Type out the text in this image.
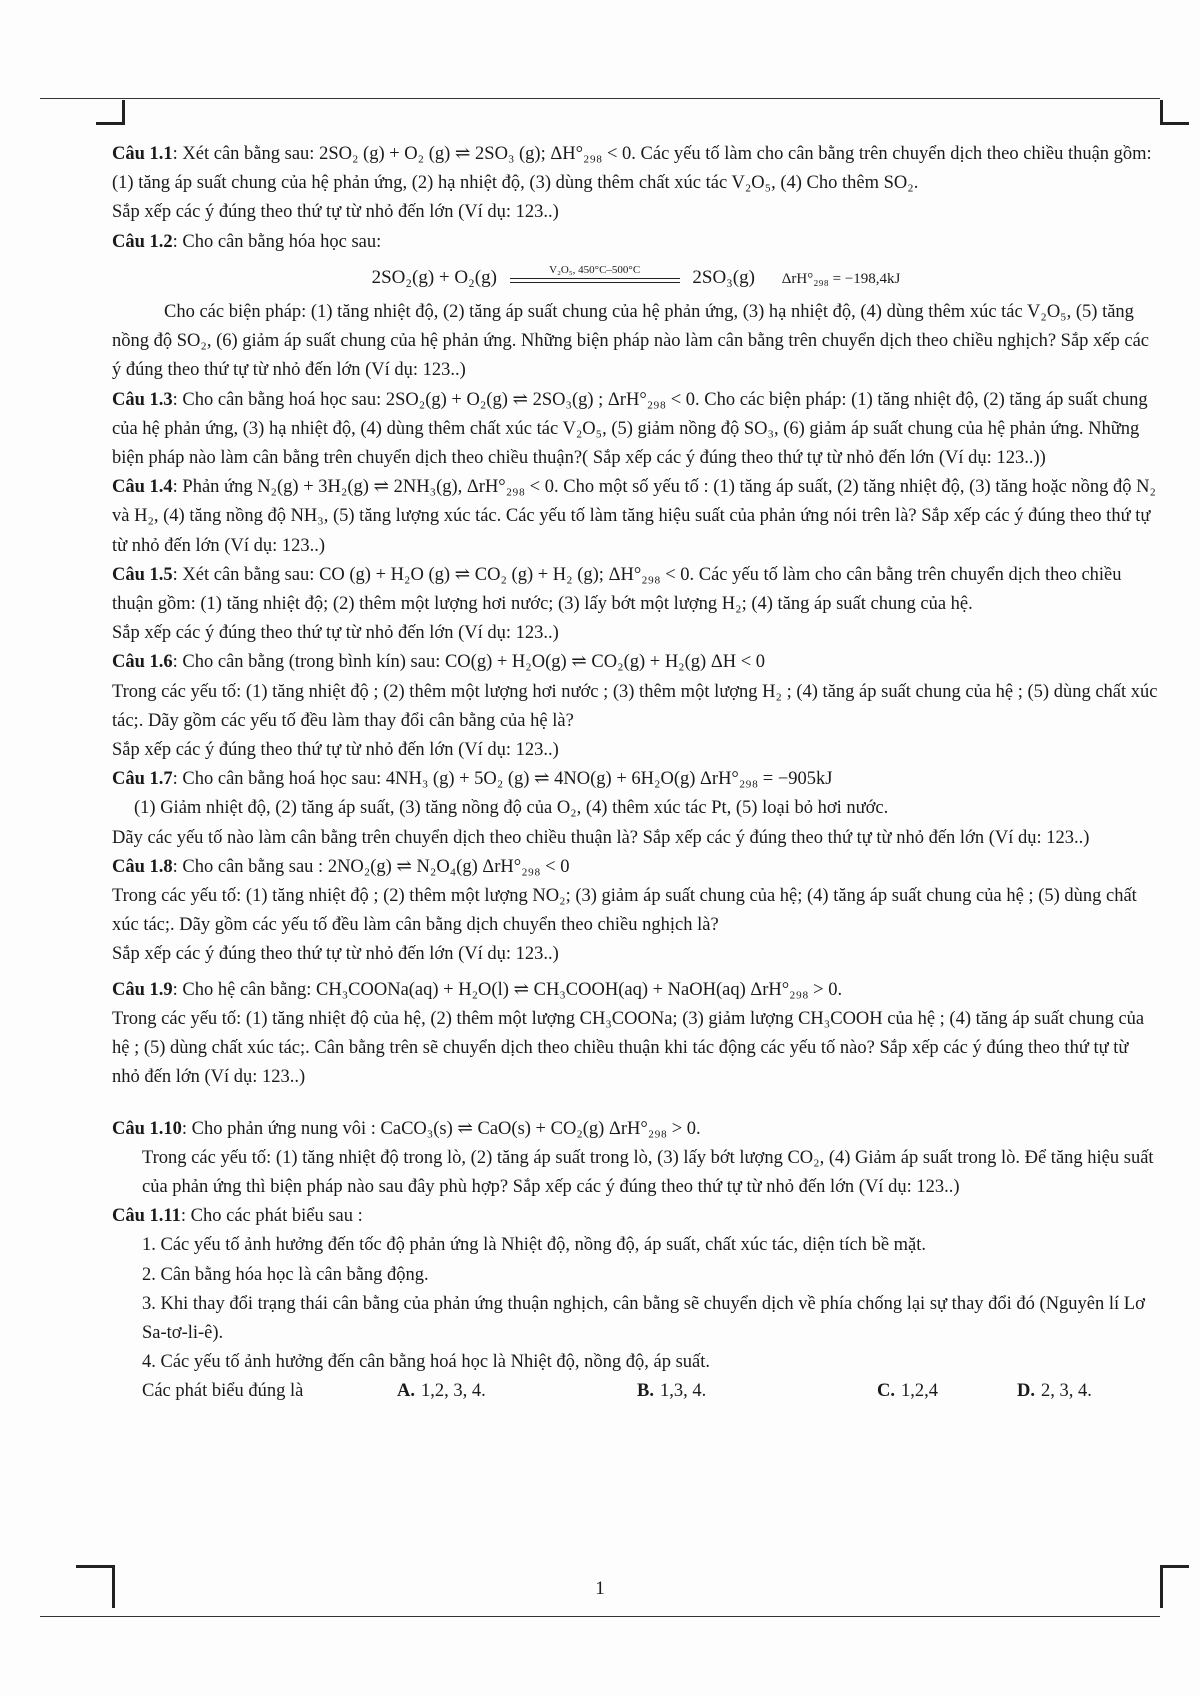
Câu 1.1: Xét cân bằng sau: 2SO₂ (g) + O₂ (g) ⇌ 2SO₃ (g); ΔH°₂₉₈ < 0. Các yếu tố làm cho cân bằng trên chuyển dịch theo chiều thuận gồm: (1) tăng áp suất chung của hệ phản ứng, (2) hạ nhiệt độ, (3) dùng thêm chất xúc tác V₂O₅, (4) Cho thêm SO₂.

Sắp xếp các ý đúng theo thứ tự từ nhỏ đến lớn (Ví dụ: 123..)

Câu 1.2: Cho cân bằng hóa học sau:

2SO₂(g) + O₂(g)	V₂O₅, 450°C–500°C	2SO₃(g) ΔrH°₂₉₈ = −198,4kJ

Cho các biện pháp: (1) tăng nhiệt độ, (2) tăng áp suất chung của hệ phản ứng, (3) hạ nhiệt độ, (4) dùng thêm xúc tác V₂O₅, (5) tăng nồng độ SO₂, (6) giảm áp suất chung của hệ phản ứng. Những biện pháp nào làm cân bằng trên chuyển dịch theo chiều nghịch? Sắp xếp các ý đúng theo thứ tự từ nhỏ đến lớn (Ví dụ: 123..)

Câu 1.3: Cho cân bằng hoá học sau: 2SO₂(g) + O₂(g) ⇌ 2SO₃(g) ; ΔrH°₂₉₈ < 0. Cho các biện pháp: (1) tăng nhiệt độ, (2) tăng áp suất chung của hệ phản ứng, (3) hạ nhiệt độ, (4) dùng thêm chất xúc tác V₂O₅, (5) giảm nồng độ SO₃, (6) giảm áp suất chung của hệ phản ứng. Những biện pháp nào làm cân bằng trên chuyển dịch theo chiều thuận?( Sắp xếp các ý đúng theo thứ tự từ nhỏ đến lớn (Ví dụ: 123..))

Câu 1.4: Phản ứng N₂(g) + 3H₂(g) ⇌ 2NH₃(g), ΔrH°₂₉₈ < 0. Cho một số yếu tố : (1) tăng áp suất, (2) tăng nhiệt độ, (3) tăng hoặc nồng độ N₂ và H₂, (4) tăng nồng độ NH₃, (5) tăng lượng xúc tác. Các yếu tố làm tăng hiệu suất của phản ứng nói trên là? Sắp xếp các ý đúng theo thứ tự từ nhỏ đến lớn (Ví dụ: 123..)

Câu 1.5: Xét cân bằng sau: CO (g) + H₂O (g) ⇌ CO₂ (g) + H₂ (g); ΔH°₂₉₈ < 0. Các yếu tố làm cho cân bằng trên chuyển dịch theo chiều thuận gồm: (1) tăng nhiệt độ; (2) thêm một lượng hơi nước; (3) lấy bớt một lượng H₂; (4) tăng áp suất chung của hệ.

Sắp xếp các ý đúng theo thứ tự từ nhỏ đến lớn (Ví dụ: 123..)

Câu 1.6: Cho cân bằng (trong bình kín) sau: CO(g) + H₂O(g) ⇌ CO₂(g) + H₂(g) ΔH < 0

Trong các yếu tố: (1) tăng nhiệt độ ; (2) thêm một lượng hơi nước ; (3) thêm một lượng H₂ ; (4) tăng áp suất chung của hệ ; (5) dùng chất xúc tác;. Dãy gồm các yếu tố đều làm thay đổi cân bằng của hệ là?

Sắp xếp các ý đúng theo thứ tự từ nhỏ đến lớn (Ví dụ: 123..)

Câu 1.7: Cho cân bằng hoá học sau: 4NH₃ (g) + 5O₂ (g) ⇌ 4NO(g) + 6H₂O(g) ΔrH°₂₉₈ = −905kJ

(1) Giảm nhiệt độ, (2) tăng áp suất, (3) tăng nồng độ của O₂, (4) thêm xúc tác Pt, (5) loại bỏ hơi nước.

Dãy các yếu tố nào làm cân bằng trên chuyển dịch theo chiều thuận là? Sắp xếp các ý đúng theo thứ tự từ nhỏ đến lớn (Ví dụ: 123..)

Câu 1.8: Cho cân bằng sau : 2NO₂(g) ⇌ N₂O₄(g) ΔrH°₂₉₈ < 0

Trong các yếu tố: (1) tăng nhiệt độ ; (2) thêm một lượng NO₂; (3) giảm áp suất chung của hệ; (4) tăng áp suất chung của hệ ; (5) dùng chất xúc tác;. Dãy gồm các yếu tố đều làm cân bằng dịch chuyển theo chiều nghịch là?

Sắp xếp các ý đúng theo thứ tự từ nhỏ đến lớn (Ví dụ: 123..)

Câu 1.9: Cho hệ cân bằng: CH₃COONa(aq) + H₂O(l) ⇌ CH₃COOH(aq) + NaOH(aq) ΔrH°₂₉₈ > 0.

Trong các yếu tố: (1) tăng nhiệt độ của hệ, (2) thêm một lượng CH₃COONa; (3) giảm lượng CH₃COOH của hệ ; (4) tăng áp suất chung của hệ ; (5) dùng chất xúc tác;. Cân bằng trên sẽ chuyển dịch theo chiều thuận khi tác động các yếu tố nào? Sắp xếp các ý đúng theo thứ tự từ nhỏ đến lớn (Ví dụ: 123..)

Câu 1.10: Cho phản ứng nung vôi : CaCO₃(s) ⇌ CaO(s) + CO₂(g) ΔrH°₂₉₈ > 0.

Trong các yếu tố: (1) tăng nhiệt độ trong lò, (2) tăng áp suất trong lò, (3) lấy bớt lượng CO₂, (4) Giảm áp suất trong lò. Để tăng hiệu suất của phản ứng thì biện pháp nào sau đây phù hợp? Sắp xếp các ý đúng theo thứ tự từ nhỏ đến lớn (Ví dụ: 123..)

Câu 1.11: Cho các phát biểu sau :

1. Các yếu tố ảnh hưởng đến tốc độ phản ứng là Nhiệt độ, nồng độ, áp suất, chất xúc tác, diện tích bề mặt.

2. Cân bằng hóa học là cân bằng động.

3. Khi thay đổi trạng thái cân bằng của phản ứng thuận nghịch, cân bằng sẽ chuyển dịch về phía chống lại sự thay đổi đó (Nguyên lí Lơ Sa-tơ-li-ê).

4. Các yếu tố ảnh hưởng đến cân bằng hoá học là Nhiệt độ, nồng độ, áp suất.

Các phát biểu đúng là	A. 1,2, 3, 4.	B. 1,3, 4.	C. 1,2,4	D. 2, 3, 4.
1
